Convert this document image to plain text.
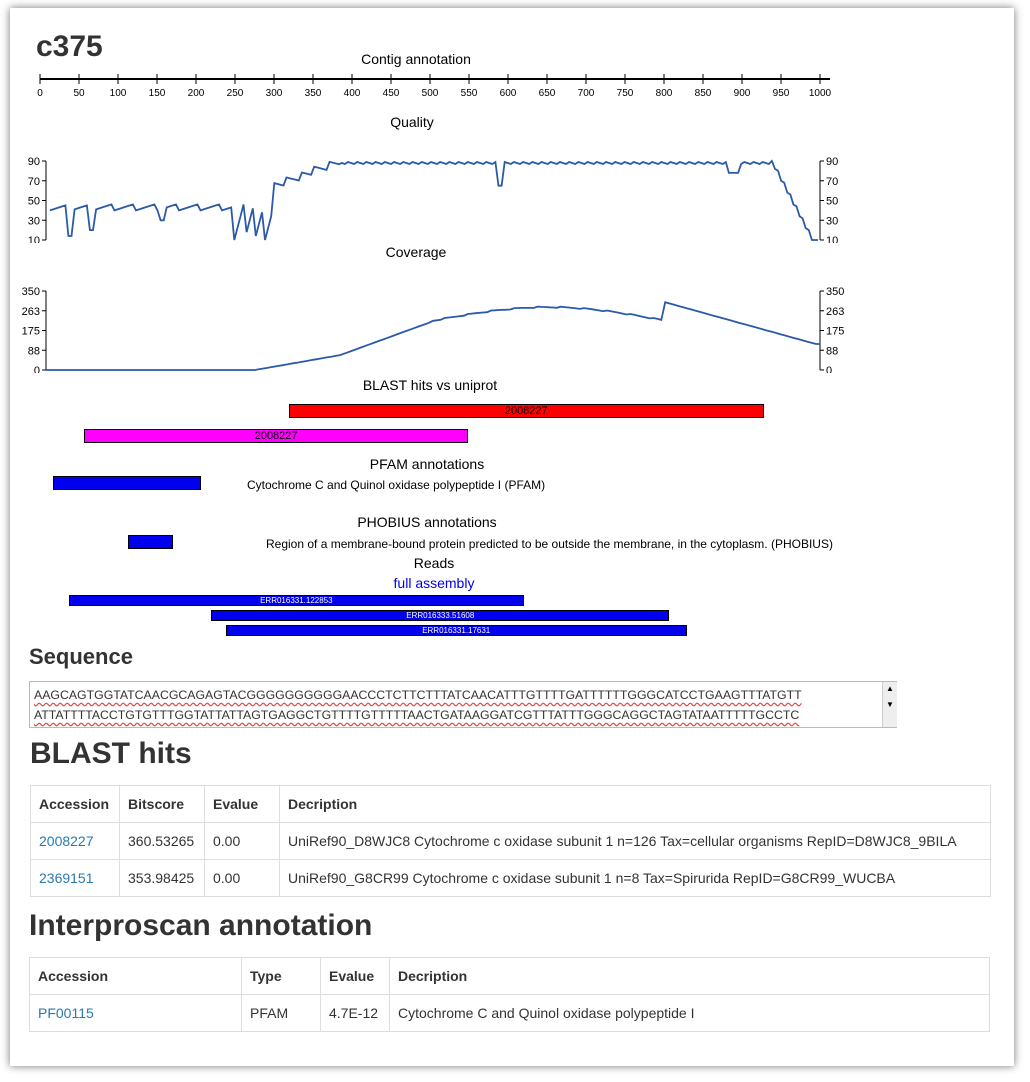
c375	Contig annotation
0	50	100 150 200 250 300 350 400 450 500 550 600 650 700 750 800 850 900 950 1000
Quality
90
70
50
30
10
90
70
50
30
10
Coverage
350
263
175
88
0
350
263
175
88
0
BLAST hits vs uniprot
2008227
2008227
PFAM annotations
Cytochrome C and Quinol oxidase polypeptide I (PFAM)
PHOBIUS annotations
Region of a membrane-bound protein predicted to be outside the membrane, in the cytoplasm. (PHOBIUS)
Reads
full assembly
ERR016331.122853
ERR016333.51608
ERR016331.17631
Sequence
AAGCAGTGGTATCAACGCAGAGTACGGGGGGGGGGAACCCTCTTCTTTATCAACATTTGTTTTGATTTTTTGGGCATCCTGAAGTTTATGTT
ATTATTTTACCTGTGTTTGGTATTATTAGTGAGGCTGTTTTGTTTTTAACTGATAAGGATCGTTTATTTGGGCAGGCTAGTATAATTTTTGCCTC
▲
▼
BLAST hits
Accession	Bitscore	Evalue	Decription
2008227	360.53265	0.00	UniRef90_D8WJC8 Cytochrome c oxidase subunit 1 n=126 Tax=cellular organisms RepID=D8WJC8_9BILA
2369151	353.98425	0.00	UniRef90_G8CR99 Cytochrome c oxidase subunit 1 n=8 Tax=Spirurida RepID=G8CR99_WUCBA
Interproscan annotation
Accession	Type	Evalue	Decription
PF00115	PFAM	4.7E-12	Cytochrome C and Quinol oxidase polypeptide I
